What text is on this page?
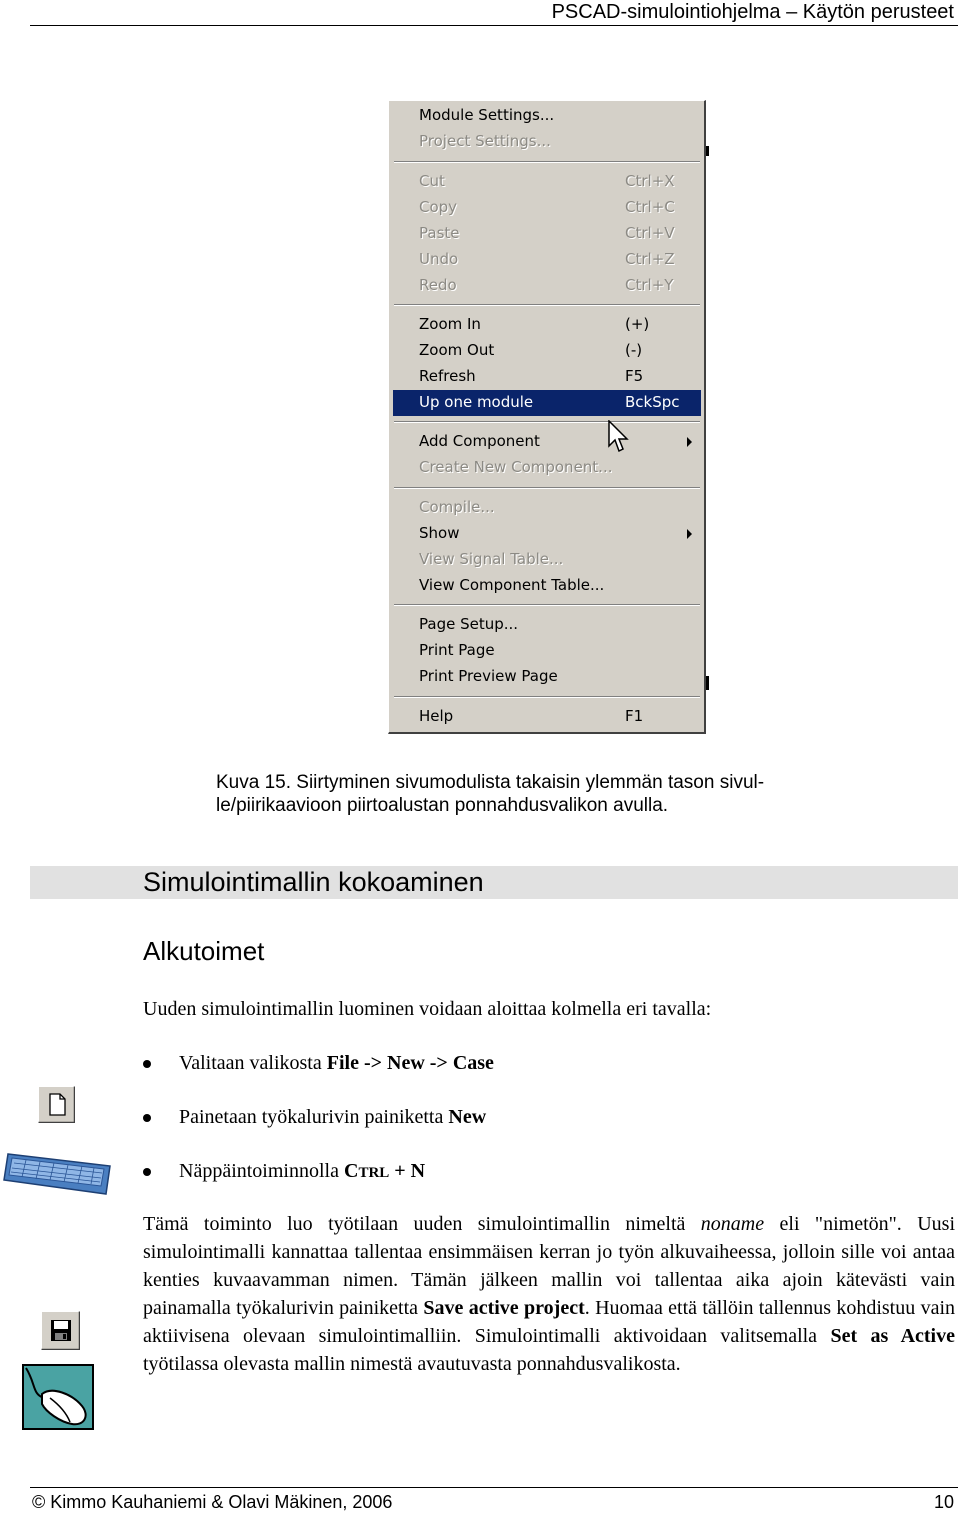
PSCAD-simulointiohjelma – Käytön perusteet
Module Settings...
Project Settings...
Cut	Ctrl+X
Copy	Ctrl+C
Paste	Ctrl+V
Undo	Ctrl+Z
Redo	Ctrl+Y
Zoom In	(+)
Zoom Out	(-)
Refresh	F5
Up one module	BckSpc
Add Component
Create New Component...
Compile...
Show
View Signal Table...
View Component Table...
Page Setup...
Print Page
Print Preview Page
Help	F1
Kuva 15. Siirtyminen sivumodulista takaisin ylemmän tason sivul-
le/piirikaavioon piirtoalustan ponnahdusvalikon avulla.
Simulointimallin kokoaminen
Alkutoimet
Uuden simulointimallin luominen voidaan aloittaa kolmella eri tavalla:
Valitaan valikosta File -> New -> Case
Painetaan työkalurivin painiketta New
Näppäintoiminnolla CTRL + N
Tämä toiminto luo työtilaan uuden simulointimallin nimeltä noname eli "nimetön". Uusi simulointimalli kannattaa tallentaa ensimmäisen kerran jo työn alkuvaiheessa, jolloin sille voi antaa kenties kuvaavamman nimen. Tämän jälkeen mallin voi tallentaa aika ajoin kätevästi vain painamalla työkalurivin painiketta Save active project. Huomaa että tällöin tallennus kohdistuu vain aktiivisena olevaan simulointimalliin. Simulointimalli aktivoidaan valitsemalla Set as Active työtilassa olevasta mallin nimestä avautuvasta ponnahdusvalikosta.
© Kimmo Kauhaniemi & Olavi Mäkinen, 2006	10
